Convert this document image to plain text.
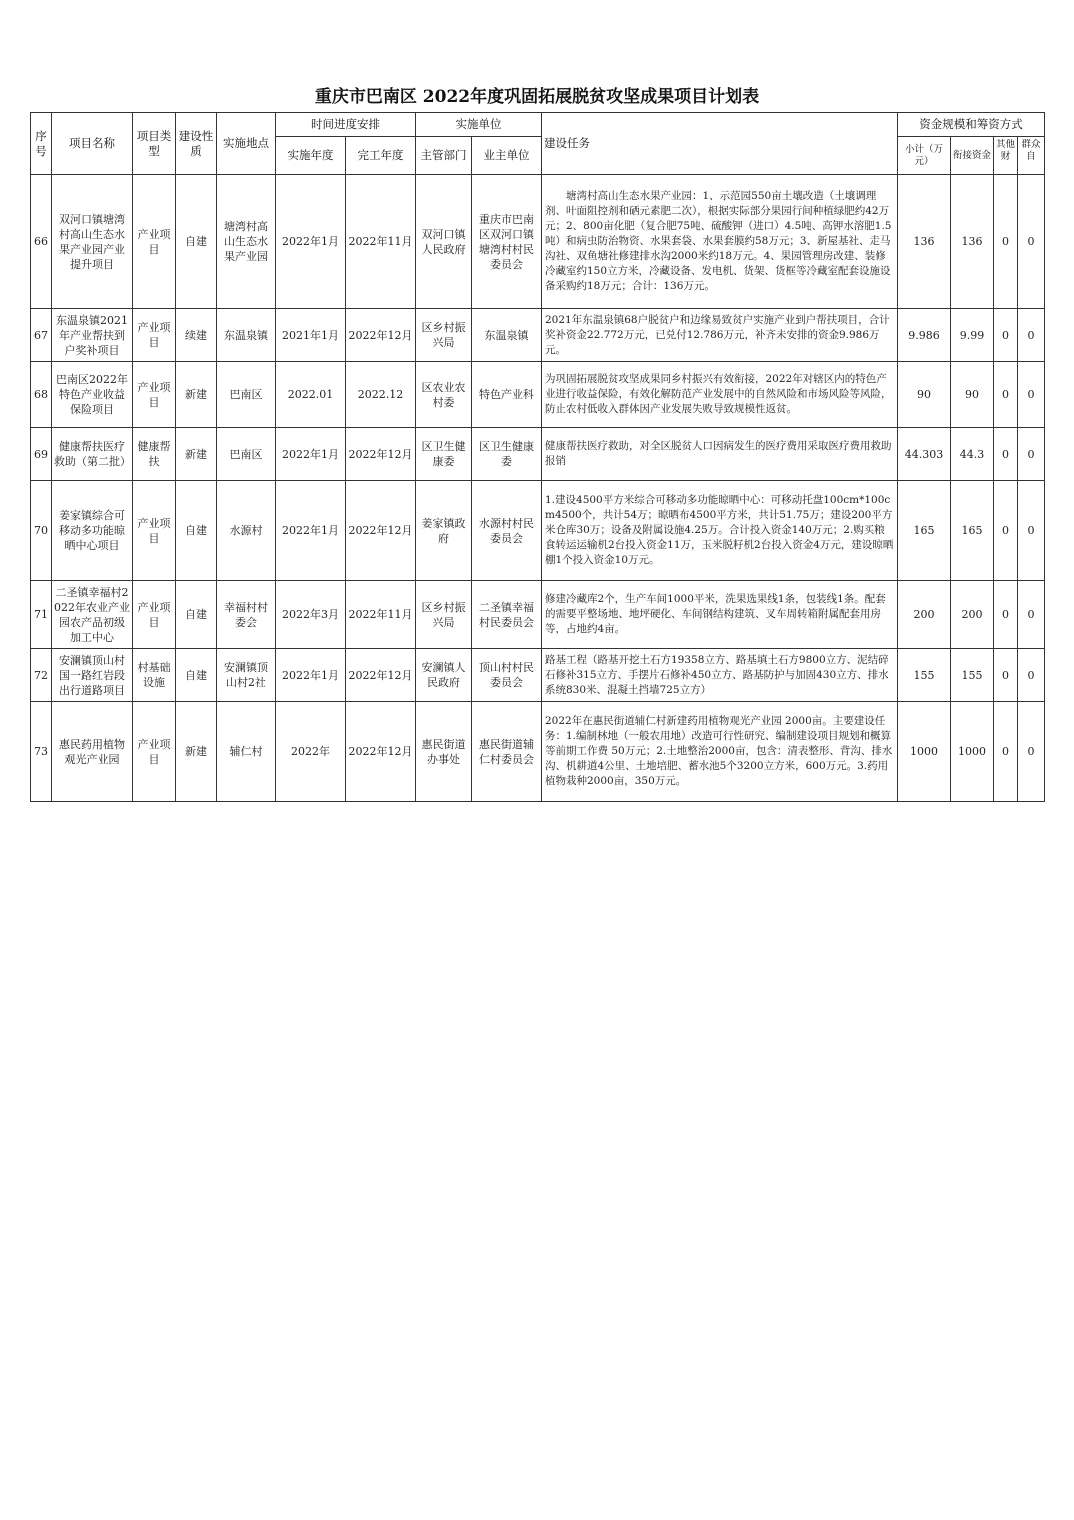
重庆市巴南区 2022年度巩固拓展脱贫攻坚成果项目计划表
序号	项目名称	项目类型	建设性质	实施地点	时间进度安排		实施单位		建设任务	资金规模和筹资方式			
					实施年度	完工年度	主管部门	业主单位		小计（万元）	衔接资金	其他财	群众自

66	双河口镇塘湾村高山生态水果产业园产业提升项目	产业项目	自建	塘湾村高山生态水果产业园	2022年1月	2022年11月	双河口镇人民政府	重庆市巴南区双河口镇塘湾村村民委员会	塘湾村高山生态水果产业园：1、示范园550亩土壤改造（土壤调理剂、叶面阻控剂和硒元素肥二次），根据实际部分果园行间种植绿肥约42万元；2、800亩化肥（复合肥75吨、硫酸钾（进口）4.5吨、高钾水溶肥1.5吨）和病虫防治物资、水果套袋、水果套膜约58万元；3、新屋基社、走马沟社、双鱼塘社修建排水沟2000米约18万元。4、果园管理房改建、装修冷藏室约150立方米，冷藏设备、发电机、货架、货框等冷藏室配套设施设备采购约18万元；合计：136万元。	136	136	0	0
67	东温泉镇2021年产业帮扶到户奖补项目	产业项目	续建	东温泉镇	2021年1月	2022年12月	区乡村振兴局	东温泉镇	2021年东温泉镇68户脱贫户和边缘易致贫户实施产业到户帮扶项目，合计奖补资金22.772万元，已兑付12.786万元，补齐未安排的资金9.986万元。	9.986	9.99	0	0
68	巴南区2022年特色产业收益保险项目	产业项目	新建	巴南区	2022.01	2022.12	区农业农村委	特色产业科	为巩固拓展脱贫攻坚成果同乡村振兴有效衔接，2022年对辖区内的特色产业进行收益保险，有效化解防范产业发展中的自然风险和市场风险等风险，防止农村低收入群体因产业发展失败导致规模性返贫。	90	90	0	0
69	健康帮扶医疗救助（第二批）	健康帮扶	新建	巴南区	2022年1月	2022年12月	区卫生健康委	区卫生健康委	健康帮扶医疗救助，对全区脱贫人口因病发生的医疗费用采取医疗费用救助报销	44.303	44.3	0	0
70	姜家镇综合可移动多功能晾晒中心项目	产业项目	自建	水源村	2022年1月	2022年12月	姜家镇政府	水源村村民委员会	1.建设4500平方米综合可移动多功能晾晒中心：可移动托盘100cm*100cm4500个，共计54万；晾晒布4500平方米，共计51.75万；建设200平方米仓库30万；设备及附属设施4.25万。合计投入资金140万元；2.购买粮食转运运输机2台投入资金11万，玉米脱籽机2台投入资金4万元，建设晾晒棚1个投入资金10万元。	165	165	0	0
71	二圣镇幸福村2022年农业产业园农产品初级加工中心	产业项目	自建	幸福村村委会	2022年3月	2022年11月	区乡村振兴局	二圣镇幸福村民委员会	修建冷藏库2个，生产车间1000平米，洗果选果线1条，包装线1条。配套的需要平整场地、地坪硬化、车间钢结构建筑、叉车周转箱附属配套用房等，占地约4亩。	200	200	0	0
72	安澜镇顶山村国一路红岩段出行道路项目	村基础设施	自建	安澜镇顶山村2社	2022年1月	2022年12月	安澜镇人民政府	顶山村村民委员会	路基工程（路基开挖土石方19358立方、路基填土石方9800立方、泥结碎石修补315立方、手摆片石修补450立方、路基防护与加固430立方、排水系统830米、混凝土挡墙725立方）	155	155	0	0
73	惠民药用植物观光产业园	产业项目	新建	辅仁村	2022年	2022年12月	惠民街道办事处	惠民街道辅仁村委员会	2022年在惠民街道辅仁村新建药用植物观光产业园 2000亩。主要建设任务：1.编制林地（一般农用地）改造可行性研究、编制建设项目规划和概算等前期工作费 50万元；2.土地整治2000亩，包含：清表整形、背沟、排水沟、机耕道4公里、土地培肥、蓄水池5个3200立方米，600万元。3.药用植物栽种2000亩，350万元。	1000	1000	0	0
